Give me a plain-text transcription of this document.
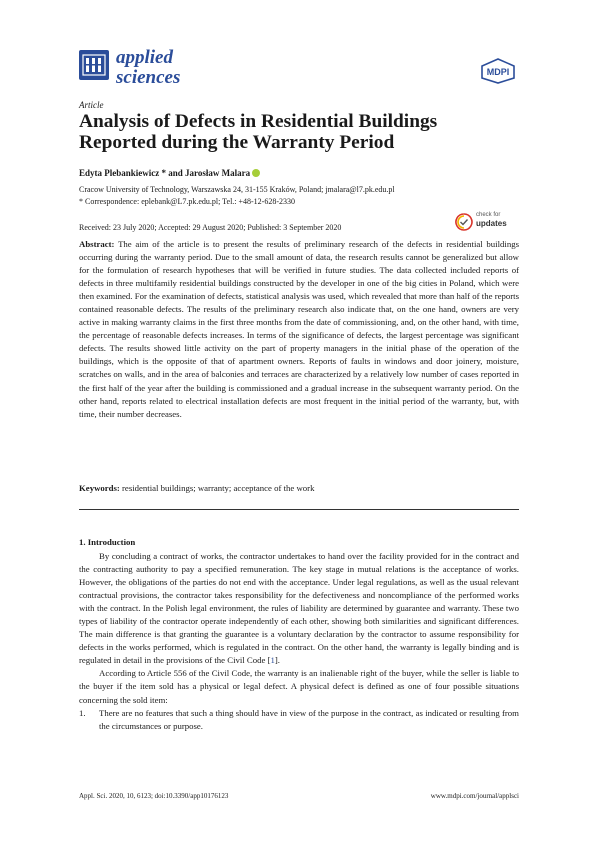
applied
sciences	MDPI
Article
Analysis of Defects in Residential Buildings Reported during the Warranty Period
Edyta Plebankiewicz * and Jarosław Malara
Cracow University of Technology, Warszawska 24, 31-155 Kraków, Poland; jmalara@l7.pk.edu.pl
* Correspondence: eplebank@L7.pk.edu.pl; Tel.: +48-12-628-2330
Received: 23 July 2020; Accepted: 29 August 2020; Published: 3 September 2020
check for
updates

Abstract: The aim of the article is to present the results of preliminary research of the defects in residential buildings occurring during the warranty period. Due to the small amount of data, the research results cannot be generalized but allow for the formulation of research hypotheses that will be verified in future studies. The data collected included reports of defects in three multifamily residential buildings constructed by the developer in one of the big cities in Poland, which were then examined. For the examination of defects, statistical analysis was used, which revealed that more than half of the reports contained reasonable defects. The results of the preliminary research also indicate that, on the one hand, owners are very active in making warranty claims in the first three months from the date of commissioning, and, on the other hand, with time, the percentage of reasonable defects increases. In terms of the significance of defects, the largest percentage was significant defects. The results showed little activity on the part of property managers in the initial phase of the operation of the buildings, which is the opposite of that of apartment owners. Reports of faults in windows and door joinery, moisture, scratches on walls, and in the area of balconies and terraces are characterized by a relatively low number of cases reported in the first half of the year after the building is commissioned and a gradual increase in the subsequent warranty period. On the other hand, reports related to electrical installation defects are most frequent in the initial period of the warranty, but, with time, their number decreases.

Keywords: residential buildings; warranty; acceptance of the work

1. Introduction

By concluding a contract of works, the contractor undertakes to hand over the facility provided for in the contract and the contracting authority to pay a specified remuneration. The key stage in mutual relations is the acceptance of works. However, the obligations of the parties do not end with the acceptance. Under legal regulations, as well as the usual relevant contractual provisions, the contractor takes responsibility for the defectiveness and noncompliance of the performed works with the contract. In the Polish legal environment, the rules of liability are determined by guarantee and warranty. These two types of liability of the contractor operate independently of each other, showing both similarities and significant differences. The main difference is that granting the guarantee is a voluntary declaration by the contractor to assume responsibility for defects in the works performed, which is regulated in the contract. On the other hand, the warranty is legally binding and is regulated in detail in the provisions of the Civil Code [1].

According to Article 556 of the Civil Code, the warranty is an inalienable right of the buyer, while the seller is liable to the buyer if the item sold has a physical or legal defect. A physical defect is defined as one of four possible situations concerning the sold item:

1. There are no features that such a thing should have in view of the purpose in the contract, as indicated or resulting from the circumstances or purpose.

Appl. Sci. 2020, 10, 6123; doi:10.3390/app10176123	www.mdpi.com/journal/applsci
